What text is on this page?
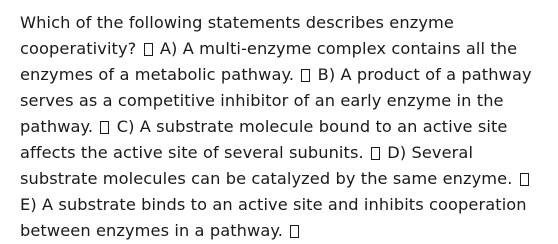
Which of the following statements describes enzyme cooperativity? A) A multi-enzyme complex contains all the enzymes of a metabolic pathway. B) A product of a pathway serves as a competitive inhibitor of an early enzyme in the pathway. C) A substrate molecule bound to an active site affects the active site of several subunits. D) Several substrate molecules can be catalyzed by the same enzyme.  E) A substrate binds to an active site and inhibits cooperation between enzymes in a pathway.
